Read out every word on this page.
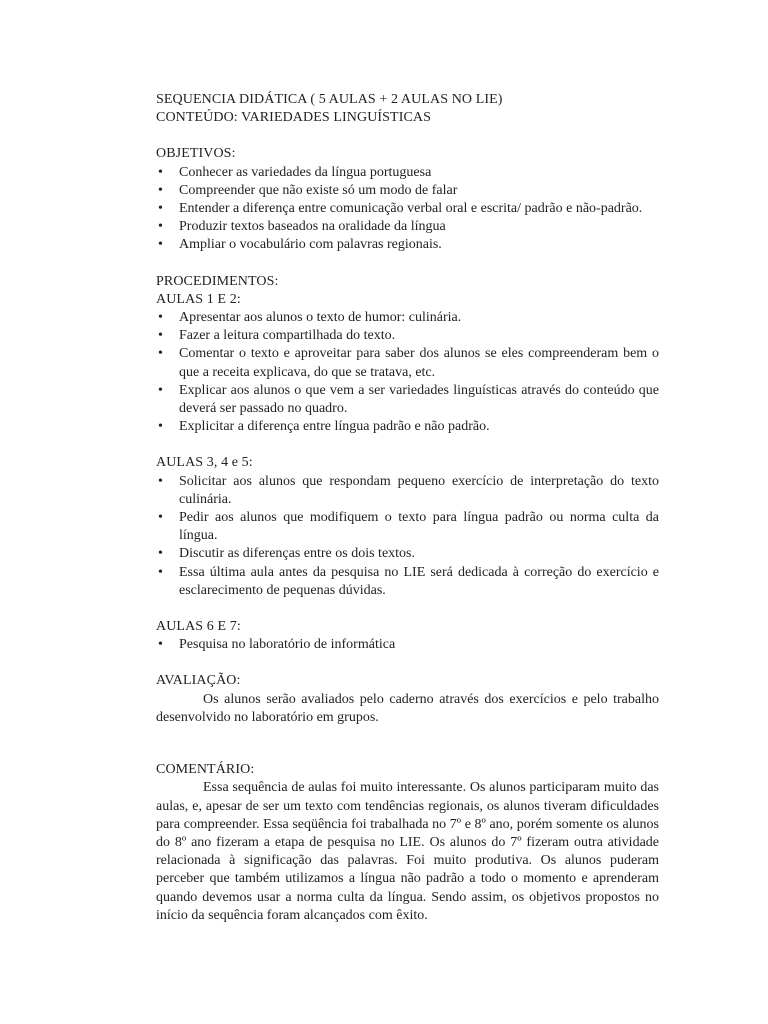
SEQUENCIA DIDÁTICA ( 5 AULAS + 2 AULAS NO LIE)
CONTEÚDO: VARIEDADES LINGUÍSTICAS
OBJETIVOS:
• Conhecer as variedades da língua portuguesa
• Compreender que não existe só um modo de falar
• Entender a diferença entre comunicação verbal oral e escrita/ padrão e não-padrão.
• Produzir textos baseados na oralidade da língua
• Ampliar o vocabulário com palavras regionais.
PROCEDIMENTOS:
AULAS 1 E 2:
• Apresentar aos alunos o texto de humor: culinária.
• Fazer a leitura compartilhada do texto.
• Comentar o texto e aproveitar para saber dos alunos se eles compreenderam bem o que a receita explicava, do que se tratava, etc.
• Explicar aos alunos o que vem a ser variedades linguísticas através do conteúdo que deverá ser passado no quadro.
• Explicitar a diferença entre língua padrão e não padrão.
AULAS 3, 4 e 5:
• Solicitar aos alunos que respondam pequeno exercício de interpretação do texto culinária.
• Pedir aos alunos que modifiquem o texto para língua padrão ou norma culta da língua.
• Discutir as diferenças entre os dois textos.
• Essa última aula antes da pesquisa no LIE será dedicada à correção do exercício e esclarecimento de pequenas dúvidas.
AULAS 6 E 7:
• Pesquisa no laboratório de informática
AVALIAÇÃO:

Os alunos serão avaliados pelo caderno através dos exercícios e pelo trabalho desenvolvido no laboratório em grupos.

COMENTÁRIO:

Essa sequência de aulas foi muito interessante. Os alunos participaram muito das aulas, e, apesar de ser um texto com tendências regionais, os alunos tiveram dificuldades para compreender. Essa seqüência foi trabalhada no 7º e 8º ano, porém somente os alunos do 8º ano fizeram a etapa de pesquisa no LIE. Os alunos do 7º fizeram outra atividade relacionada à significação das palavras. Foi muito produtiva. Os alunos puderam perceber que também utilizamos a língua não padrão a todo o momento e aprenderam quando devemos usar a norma culta da língua. Sendo assim, os objetivos propostos no início da sequência foram alcançados com êxito.
